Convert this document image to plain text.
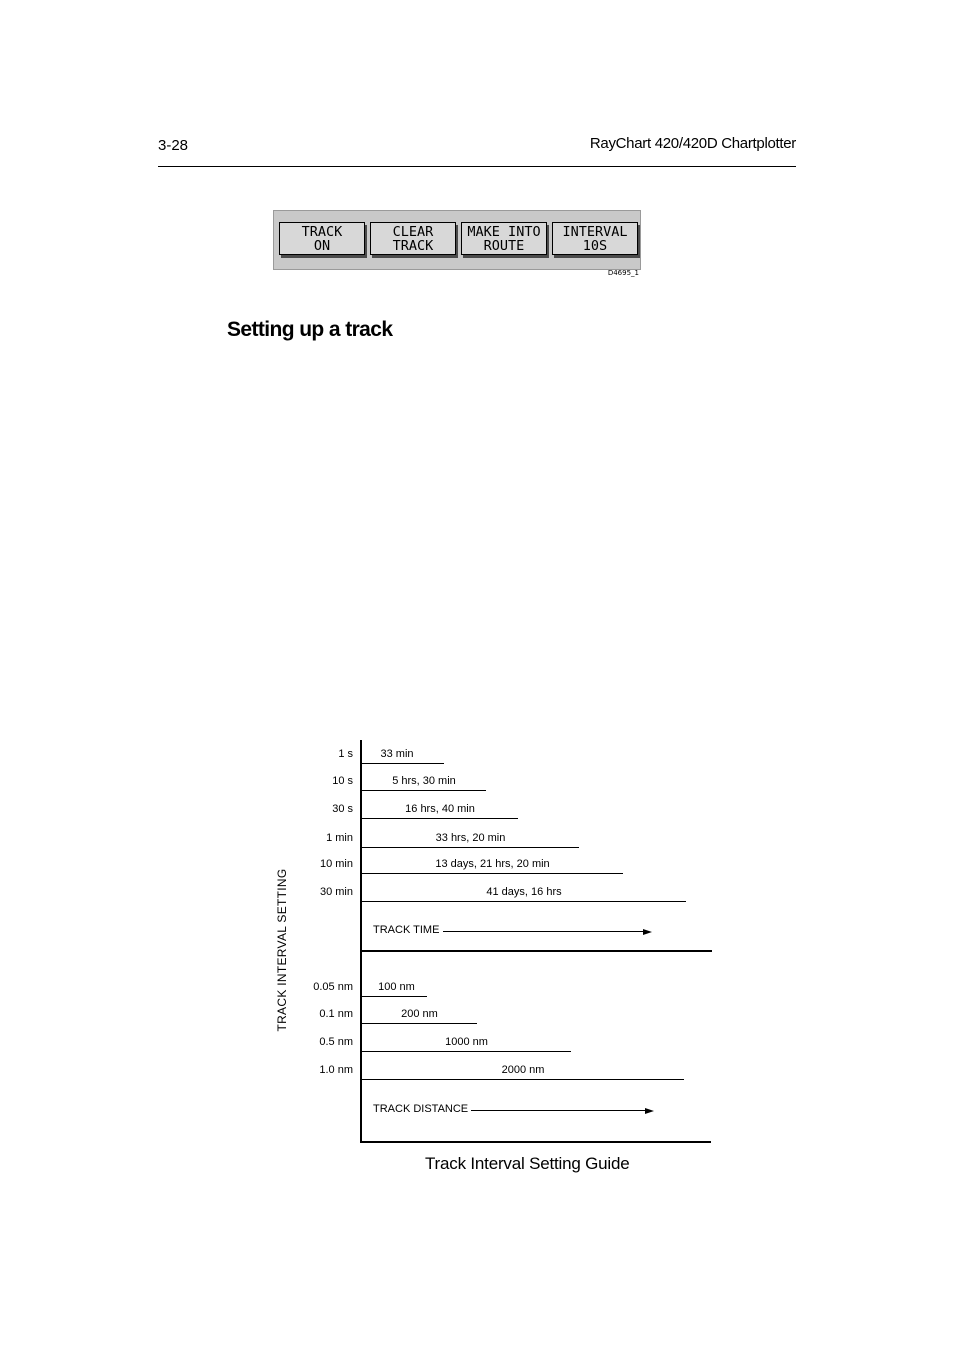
3-28	RayChart 420/420D Chartplotter
TRACK
ON
CLEAR
TRACK
MAKE INTO
ROUTE
INTERVAL
10S
D4695_1
Setting up a track
TRACK INTERVAL SETTING
Track Interval Setting Guide
1 s 33 min
10 s	5 hrs, 30 min
30 s	16 hrs, 40 min
1 min	33 hrs, 20 min
10 min	13 days, 21 hrs, 20 min
30 min	41 days, 16 hrs
TRACK TIME
0.05 nm 100 nm
0.1 nm	200 nm
0.5 nm	1000 nm
1.0 nm	2000 nm
TRACK DISTANCE
